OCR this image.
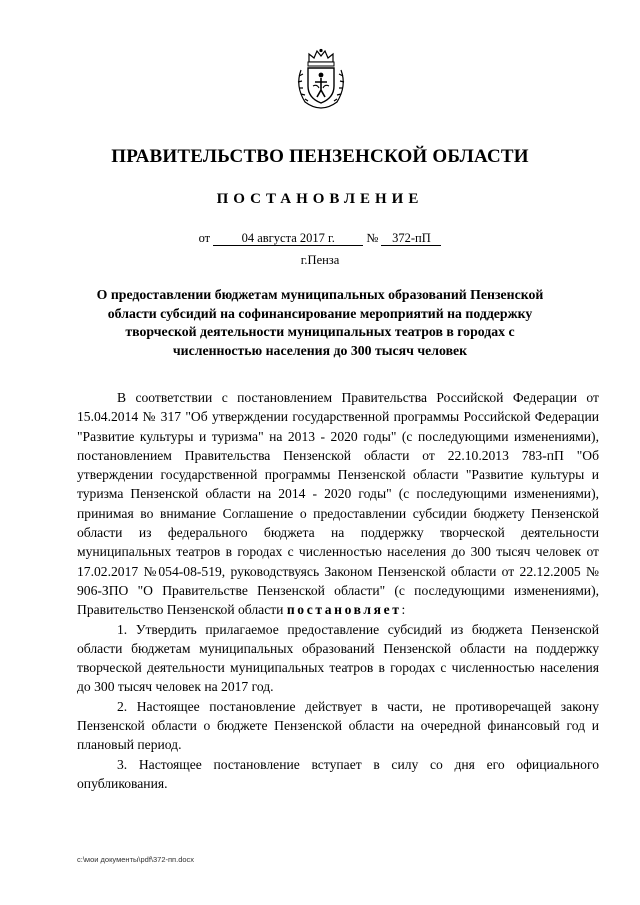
ПРАВИТЕЛЬСТВО ПЕНЗЕНСКОЙ ОБЛАСТИ
ПОСТАНОВЛЕНИЕ
от	04 августа 2017 г.	№ 372-пП
г.Пенза
О предоставлении бюджетам муниципальных образований Пензенской области субсидий на софинансирование мероприятий на поддержку творческой деятельности муниципальных театров в городах с численностью населения до 300 тысяч человек

В соответствии с постановлением Правительства Российской Федерации от 15.04.2014 № 317 "Об утверждении государственной программы Российской Федерации "Развитие культуры и туризма" на 2013 - 2020 годы" (с последующими изменениями), постановлением Правительства Пензенской области от 22.10.2013 783-пП "Об утверждении государственной программы Пензенской области "Развитие культуры и туризма Пензенской области на 2014 - 2020 годы" (с последующими изменениями), принимая во внимание Соглашение о предоставлении субсидии бюджету Пензенской области из федерального бюджета на поддержку творческой деятельности муниципальных театров в городах с численностью населения до 300 тысяч человек от 17.02.2017 №054-08-519, руководствуясь Законом Пензенской области от 22.12.2005 № 906-ЗПО "О Правительстве Пензенской области" (с последующими изменениями), Правительство Пензенской области постановляет:

1. Утвердить прилагаемое предоставление субсидий из бюджета Пензенской области бюджетам муниципальных образований Пензенской области на поддержку творческой деятельности муниципальных театров в городах с численностью населения до 300 тысяч человек на 2017 год.

2. Настоящее постановление действует в части, не противоречащей закону Пензенской области о бюджете Пензенской области на очередной финансовый год и плановый период.

3. Настоящее постановление вступает в силу со дня его официального опубликования.

c:\мои документы\pdf\372-пп.docx
